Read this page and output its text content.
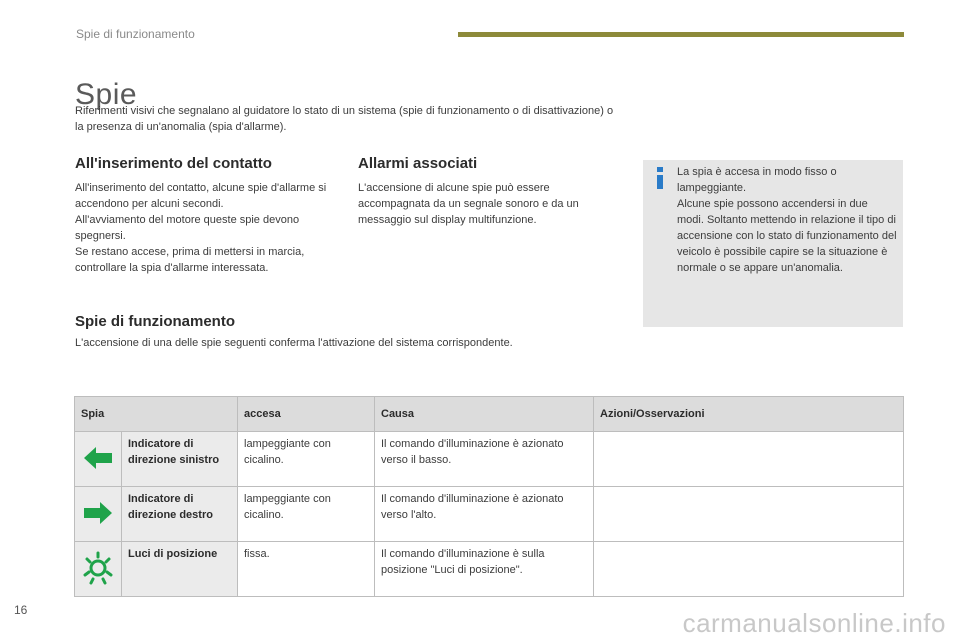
Spie di funzionamento
Spie
Riferimenti visivi che segnalano al guidatore lo stato di un sistema (spie di funzionamento o di disattivazione) o la presenza di un'anomalia (spia d'allarme).
All'inserimento del contatto
All'inserimento del contatto, alcune spie d'allarme si accendono per alcuni secondi.
All'avviamento del motore queste spie devono spegnersi.
Se restano accese, prima di mettersi in marcia, controllare la spia d'allarme interessata.
Allarmi associati
L'accensione di alcune spie può essere accompagnata da un segnale sonoro e da un messaggio sul display multifunzione.
La spia è accesa in modo fisso o lampeggiante.
Alcune spie possono accendersi in due modi. Soltanto mettendo in relazione il tipo di accensione con lo stato di funzionamento del veicolo è possibile capire se la situazione è normale o se appare un'anomalia.
Spie di funzionamento
L'accensione di una delle spie seguenti conferma l'attivazione del sistema corrispondente.
Spia		accesa	Causa	Azioni/Osservazioni
	Indicatore di direzione sinistro	lampeggiante con cicalino.	Il comando d'illuminazione è azionato verso il basso.	
	Indicatore di direzione destro	lampeggiante con cicalino.	Il comando d'illuminazione è azionato verso l'alto.	
	Luci di posizione	fissa.	Il comando d'illuminazione è sulla posizione "Luci di posizione".	
16	carmanualsonline.info
